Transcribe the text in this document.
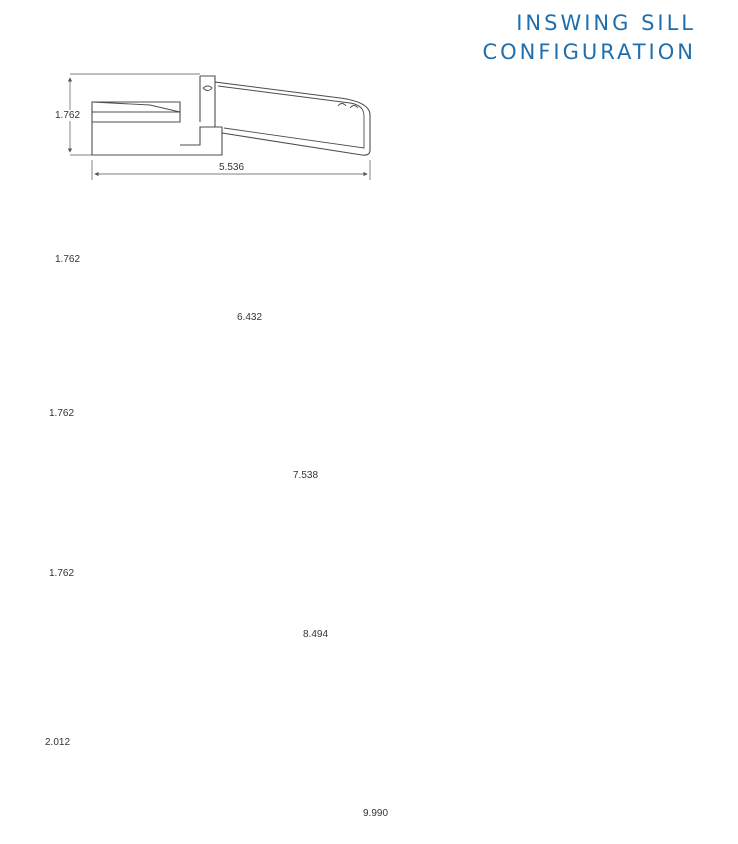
INSWING SILL
CONFIGURATION
1.762
5.536
1.762
6.432
1.762
7.538
1.762
8.494
2.012
9.990
